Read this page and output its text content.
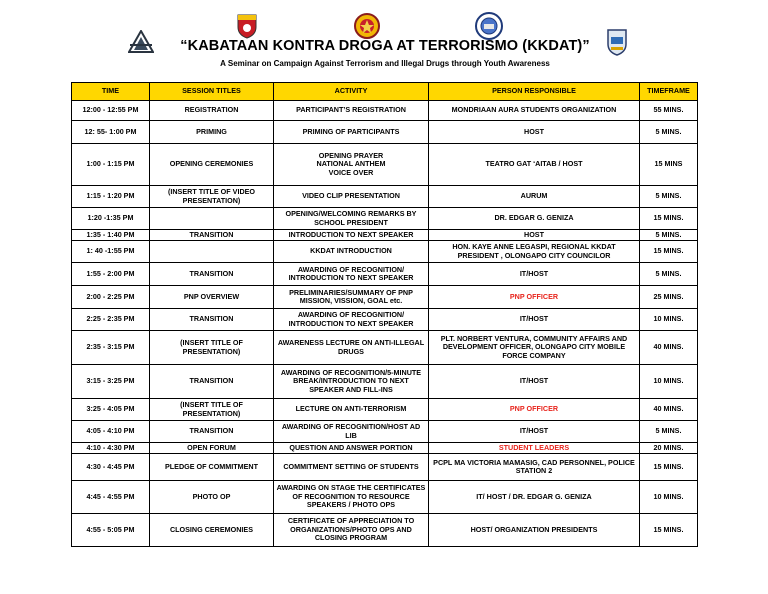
“KABATAAN KONTRA DROGA AT TERRORISMO (KKDAT)”
A Seminar on Campaign Against Terrorism and Illegal Drugs through Youth Awareness
TIME	SESSION TITLES	ACTIVITY	PERSON RESPONSIBLE	TIMEFRAME
12:00 - 12:55 PM	REGISTRATION	PARTICIPANT’S REGISTRATION	MONDRIAAN AURA STUDENTS ORGANIZATION	55 MINS.
12: 55- 1:00 PM	PRIMING	PRIMING OF PARTICIPANTS	HOST	5 MINS.
1:00 - 1:15 PM	OPENING CEREMONIES	OPENING PRAYER
NATIONAL ANTHEM
VOICE OVER	TEATRO GAT ‘AITAB / HOST	15 MINS
1:15 - 1:20 PM	(INSERT TITLE OF VIDEO PRESENTATION)	VIDEO CLIP PRESENTATION	AURUM	5 MINS.
1:20 -1:35 PM		OPENING/WELCOMING REMARKS BY SCHOOL PRESIDENT	DR. EDGAR G. GENIZA	15 MINS.
1:35 - 1:40 PM	TRANSITION	INTRODUCTION TO NEXT SPEAKER	HOST	5 MINS.
1: 40 -1:55 PM		KKDAT INTRODUCTION	HON. KAYE ANNE LEGASPI, REGIONAL KKDAT PRESIDENT , OLONGAPO CITY COUNCILOR	15 MINS.
1:55 - 2:00 PM	TRANSITION	AWARDING OF RECOGNITION/ INTRODUCTION TO NEXT SPEAKER	IT/HOST	5 MINS.
2:00 - 2:25 PM	PNP OVERVIEW	PRELIMINARIES/SUMMARY OF PNP MISSION, VISSION, GOAL etc.	PNP OFFICER	25 MINS.
2:25 - 2:35 PM	TRANSITION	AWARDING OF RECOGNITION/ INTRODUCTION TO NEXT SPEAKER	IT/HOST	10 MINS.
2:35 - 3:15 PM	(INSERT TITLE OF PRESENTATION)	AWARENESS LECTURE ON ANTI-ILLEGAL DRUGS	PLT. NORBERT VENTURA, COMMUNITY AFFAIRS AND DEVELOPMENT OFFICER, OLONGAPO CITY MOBILE FORCE COMPANY	40 MINS.
3:15 - 3:25 PM	TRANSITION	AWARDING OF RECOGNITION/5-MINUTE BREAK/INTRODUCTION TO NEXT SPEAKER AND FILL-INS	IT/HOST	10 MINS.
3:25 - 4:05 PM	(INSERT TITLE OF PRESENTATION)	LECTURE ON ANTI-TERRORISM	PNP OFFICER	40 MINS.
4:05 - 4:10 PM	TRANSITION	AWARDING OF RECOGNITION/HOST AD LIB	IT/HOST	5 MINS.
4:10 - 4:30 PM	OPEN FORUM	QUESTION AND ANSWER PORTION	STUDENT LEADERS	20 MINS.
4:30 - 4:45 PM	PLEDGE OF COMMITMENT	COMMITMENT SETTING OF STUDENTS	PCPL MA VICTORIA MAMASIG, CAD PERSONNEL, POLICE STATION 2	15 MINS.
4:45 - 4:55 PM	PHOTO OP	AWARDING ON STAGE THE CERTIFICATES OF RECOGNITION TO RESOURCE SPEAKERS / PHOTO OPS	IT/ HOST / DR. EDGAR G. GENIZA	10 MINS.
4:55 - 5:05 PM	CLOSING CEREMONIES	CERTIFICATE OF APPRECIATION TO ORGANIZATIONS/PHOTO OPS AND CLOSING PROGRAM	HOST/ ORGANIZATION PRESIDENTS	15 MINS.
